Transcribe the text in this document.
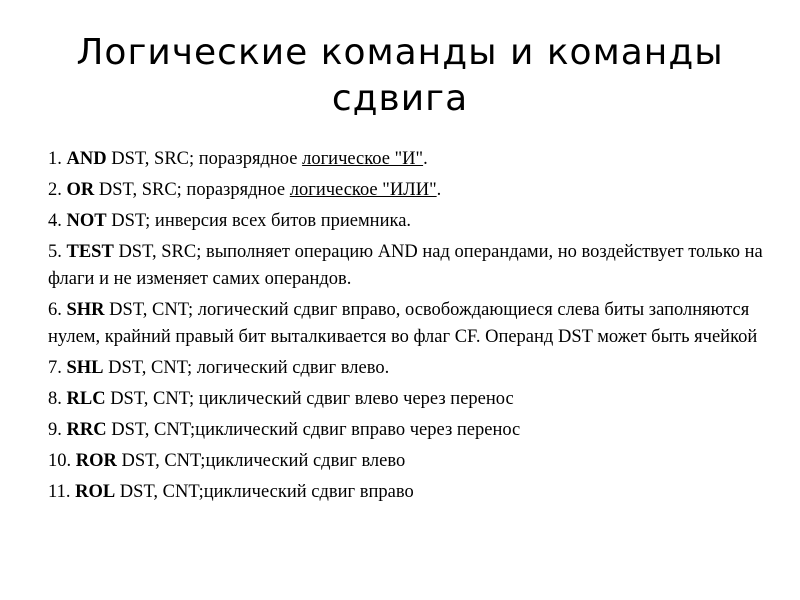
Логические команды и команды
сдвига
1. AND DST, SRC; поразрядное логическое "И".
2. OR DST, SRC; поразрядное логическое "ИЛИ".
4. NOT DST; инверсия всех битов приемника.
5. TEST DST, SRC; выполняет операцию AND над операндами, но воздействует только на флаги и не изменяет самих операндов.
6. SHR DST, CNT; логический сдвиг вправо, освобождающиеся слева биты заполняются нулем, крайний правый бит выталкивается во флаг CF. Операнд DST может быть ячейкой
7. SHL DST, CNT; логический сдвиг влево.
8. RLC DST, CNT; циклический сдвиг влево через перенос
9. RRC DST, CNT;циклический сдвиг вправо через перенос
10. ROR DST, CNT;циклический сдвиг влево
11. ROL DST, CNT;циклический сдвиг вправо
